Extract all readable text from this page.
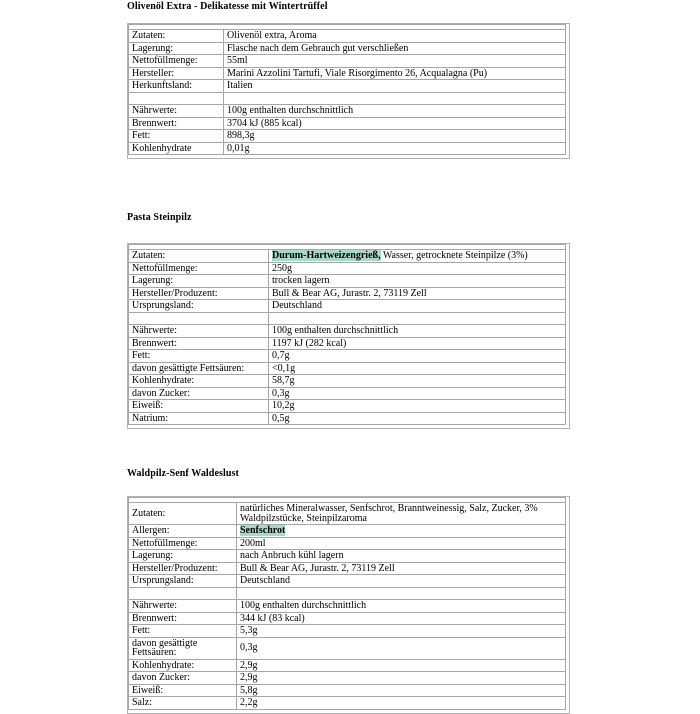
Olivenöl Extra - Delikatesse mit Wintertrüffel

Zutaten:	Olivenöl extra, Aroma
Lagerung:	Flasche nach dem Gebrauch gut verschließen
Nettofüllmenge:	55ml
Hersteller:	Marini Azzolini Tartufi, Viale Risorgimento 26, Acqualagna (Pu)
Herkunftsland:	Italien

Nährwerte:	100g enthalten durchschnittlich
Brennwert:	3704 kJ (885 kcal)
Fett:	898,3g
Kohlenhydrate	0,01g
Pasta Steinpilz

Zutaten:	Durum-Hartweizengrieß, Wasser, getrocknete Steinpilze (3%)
Nettofüllmenge:	250g
Lagerung:	trocken lagern
Hersteller/Produzent:	Bull & Bear AG, Jurastr. 2, 73119 Zell
Ursprungsland:	Deutschland

Nährwerte:	100g enthalten durchschnittlich
Brennwert:	1197 kJ (282 kcal)
Fett:	0,7g
davon gesättigte Fettsäuren:	<0,1g
Kohlenhydrate:	58,7g
davon Zucker:	0,3g
Eiweiß:	10,2g
Natrium:	0,5g
Waldpilz-Senf Waldeslust

Zutaten:	natürliches Mineralwasser, Senfschrot, Branntweinessig, Salz, Zucker, 3% Waldpilzstücke, Steinpilzaroma
Allergen:	Senfschrot
Nettofüllmenge:	200ml
Lagerung:	nach Anbruch kühl lagern
Hersteller/Produzent:	Bull & Bear AG, Jurastr. 2, 73119 Zell
Ursprungsland:	Deutschland

Nährwerte:	100g enthalten durchschnittlich
Brennwert:	344 kJ (83 kcal)
Fett:	5,3g
davon gesättigte Fettsäuren:	0,3g
Kohlenhydrate:	2,9g
davon Zucker:	2,9g
Eiweiß:	5,8g
Salz:	2,2g
